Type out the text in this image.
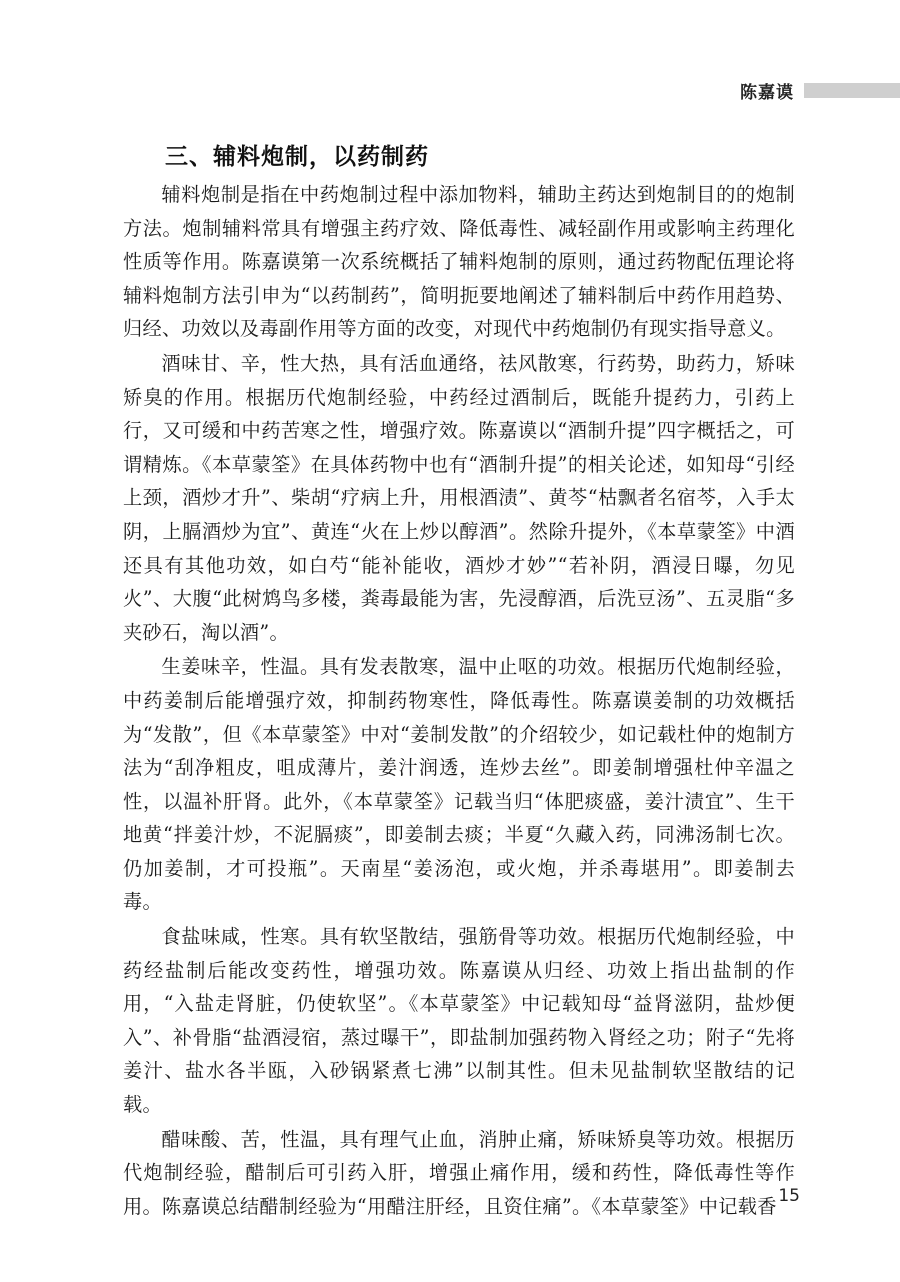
陈嘉谟
三、辅料炮制，以药制药

辅料炮制是指在中药炮制过程中添加物料，辅助主药达到炮制目的的炮制方法。炮制辅料常具有增强主药疗效、降低毒性、减轻副作用或影响主药理化性质等作用。陈嘉谟第一次系统概括了辅料炮制的原则，通过药物配伍理论将辅料炮制方法引申为“以药制药”，简明扼要地阐述了辅料制后中药作用趋势、归经、功效以及毒副作用等方面的改变，对现代中药炮制仍有现实指导意义。

酒味甘、辛，性大热，具有活血通络，祛风散寒，行药势，助药力，矫味矫臭的作用。根据历代炮制经验，中药经过酒制后，既能升提药力，引药上行，又可缓和中药苦寒之性，增强疗效。陈嘉谟以“酒制升提”四字概括之，可谓精炼。《本草蒙筌》在具体药物中也有“酒制升提”的相关论述，如知母“引经上颈，酒炒才升”、柴胡“疗病上升，用根酒渍”、黄芩“枯飘者名宿芩，入手太阴，上膈酒炒为宜”、黄连“火在上炒以醇酒”。然除升提外，《本草蒙筌》中酒还具有其他功效，如白芍“能补能收，酒炒才妙”“若补阴，酒浸日曝，勿见火”、大腹“此树鸩鸟多楼，粪毒最能为害，先浸醇酒，后洗豆汤”、五灵脂“多夹砂石，淘以酒”。

生姜味辛，性温。具有发表散寒，温中止呕的功效。根据历代炮制经验，中药姜制后能增强疗效，抑制药物寒性，降低毒性。陈嘉谟姜制的功效概括为“发散”，但《本草蒙筌》中对“姜制发散”的介绍较少，如记载杜仲的炮制方法为“刮净粗皮，咀成薄片，姜汁润透，连炒去丝”。即姜制增强杜仲辛温之性，以温补肝肾。此外，《本草蒙筌》记载当归“体肥痰盛，姜汁渍宜”、生干地黄“拌姜汁炒，不泥膈痰”，即姜制去痰；半夏“久藏入药，同沸汤制七次。仍加姜制，才可投瓶”。天南星“姜汤泡，或火炮，并杀毒堪用”。即姜制去毒。

食盐味咸，性寒。具有软坚散结，强筋骨等功效。根据历代炮制经验，中药经盐制后能改变药性，增强功效。陈嘉谟从归经、功效上指出盐制的作用，“入盐走肾脏，仍使软坚”。《本草蒙筌》中记载知母“益肾滋阴，盐炒便入”、补骨脂“盐酒浸宿，蒸过曝干”，即盐制加强药物入肾经之功；附子“先将姜汁、盐水各半瓯，入砂锅紧煮七沸”以制其性。但未见盐制软坚散结的记载。

醋味酸、苦，性温，具有理气止血，消肿止痛，矫味矫臭等功效。根据历代炮制经验，醋制后可引药入肝，增强止痛作用，缓和药性，降低毒性等作用。陈嘉谟总结醋制经验为“用醋注肝经，且资住痛”。《本草蒙筌》中记载香 15
